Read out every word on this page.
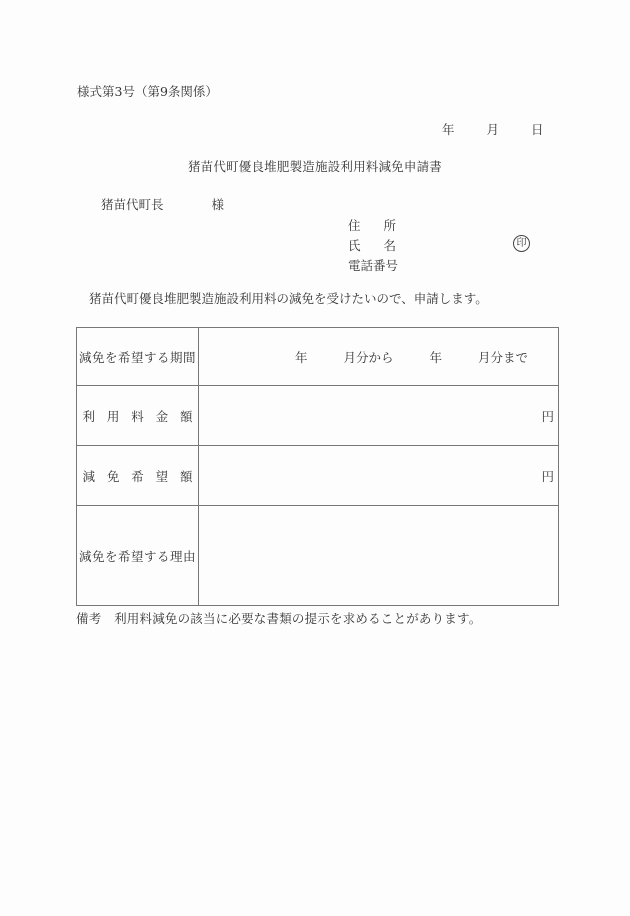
様式第3号（第9条関係）
年	月	日
猪苗代町優良堆肥製造施設利用料減免申請書
猪苗代町長	様
住　所
氏　名
電話番号
印
猪苗代町優良堆肥製造施設利用料の減免を受けたいので、申請します。
減免を希望する期間	年 月分から 年 月分まで
利用料金額	円
減免希望額	円
減免を希望する理由	
備考　利用料減免の該当に必要な書類の提示を求めることがあります。
